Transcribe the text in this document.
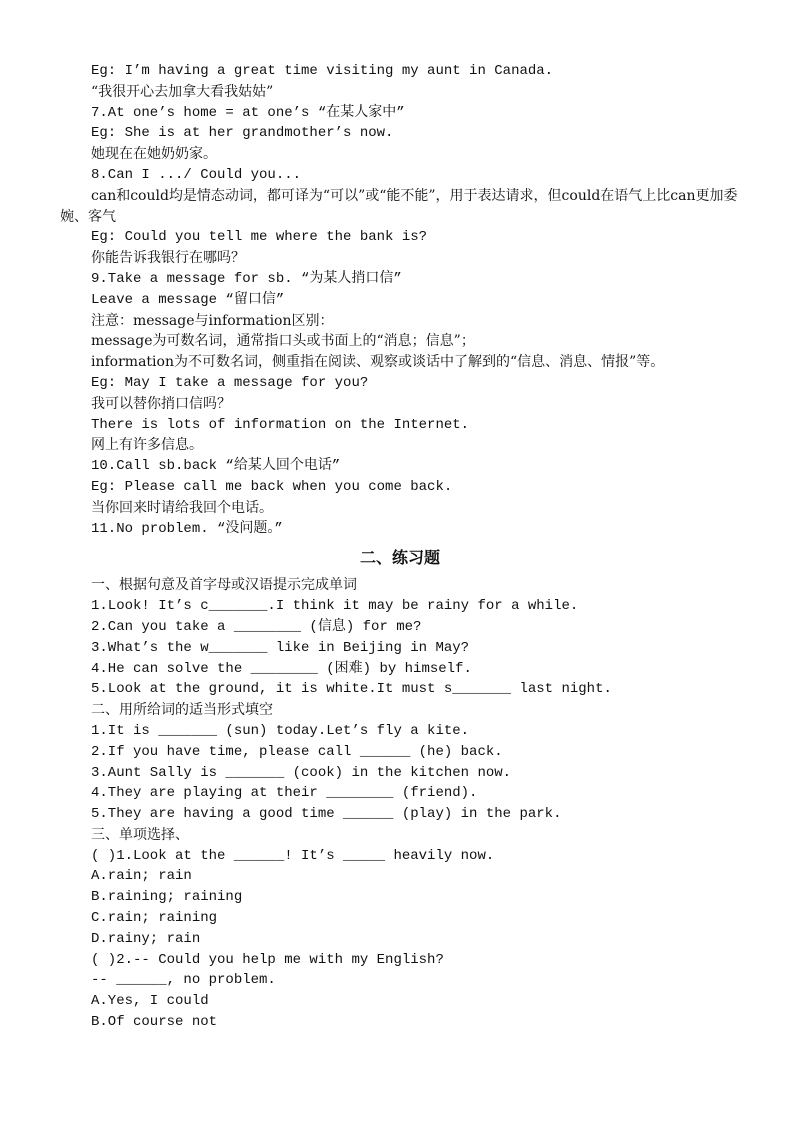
Eg: I’m having a great time visiting my aunt in Canada.
“我很开心去加拿大看我姑姑”
7.At one’s home = at one’s “在某人家中”
Eg: She is at her grandmother’s now.
她现在在她奶奶家。
8.Can I .../ Could you...
can和could均是情态动词，都可译为“可以”或“能不能”，用于表达请求，但could在语气上比can更加委婉、客气
Eg: Could you tell me where the bank is?
你能告诉我银行在哪吗？
9.Take a message for sb. “为某人捎口信”
Leave a message “留口信”
注意：message与information区别：
message为可数名词，通常指口头或书面上的“消息；信息”；
information为不可数名词，侧重指在阅读、观察或谈话中了解到的“信息、消息、情报”等。
Eg: May I take a message for you?
我可以替你捎口信吗？
There is lots of information on the Internet.
网上有许多信息。
10.Call sb.back “给某人回个电话”
Eg: Please call me back when you come back.
当你回来时请给我回个电话。
11.No problem. “没问题。”
二、练习题
一、根据句意及首字母或汉语提示完成单词
1.Look! It’s c_______.I think it may be rainy for a while.
2.Can you take a ________ (信息) for me?
3.What’s the w_______ like in Beijing in May?
4.He can solve the ________ (困难) by himself.
5.Look at the ground, it is white.It must s_______ last night.
二、用所给词的适当形式填空
1.It is _______ (sun) today.Let’s fly a kite.
2.If you have time, please call ______ (he) back.
3.Aunt Sally is _______ (cook) in the kitchen now.
4.They are playing at their ________ (friend).
5.They are having a good time ______ (play) in the park.
三、单项选择、
( )1.Look at the ______! It’s _____ heavily now.
A.rain; rain
B.raining; raining
C.rain; raining
D.rainy; rain
( )2.-- Could you help me with my English?
-- ______, no problem.
A.Yes, I could
B.Of course not
